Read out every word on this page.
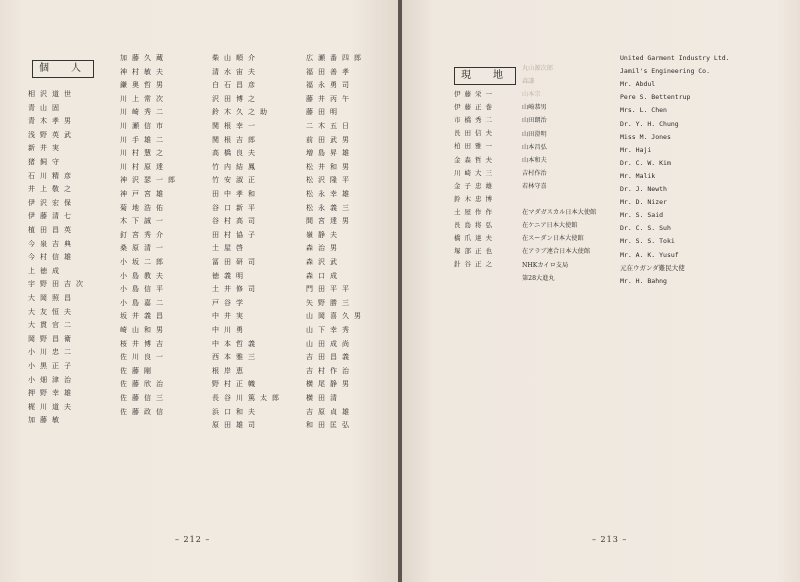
個　人
相沢道世
青山固
青木孝男
浅野英武
新井実
猪飼守
石川精彦
井上敬之
伊沢宏保
伊藤清七
植田昌英
今泉吉典
今村信雄
上徳成
宇野田吉次
大岡照昌
大友恒夫
大貫官二
岡野昌衛
小川忠二
小黒正子
小畑津治
押野幸雄
梶川道夫
加藤敏
加藤久蔵
神村敏夫
鎌奥哲男
川上常次
川崎秀二
川瀬信市
川手雄二
川村慧之
川村原達
神沢瑟一郎
神戸宮雄
菊地浩佑
木下誠一
釘宮秀介
桑原清一
小坂二郎
小島教夫
小島信平
小島嘉二
坂井義昌
崎山和男
桜井博吉
佐川良一
佐藤剛
佐藤欣治
佐藤信三
佐藤政信
柴山順介
清水宙夫
白石昌彦
沢田博之
鈴木久之助
関根幸一
関根吉郎
高橋良夫
竹内結鳳
竹安淑正
田中孝和
谷口新平
谷村高司
田村協子
土屋啓
冨田研司
徳義明
土井修司
戸谷学
中井実
中川勇
中本哲義
西本雅三
根岸恵
野村正幟
長谷川篤太郎
浜口和夫
原田雄司
広瀬番四郎
福田善孝
福永勇司
藤井丙午
藤田明
二木五日
前田武男
増島昇雄
松井和男
松沢隆平
松永幸雄
松永義三
間宮達男
嶺静夫
森治男
森沢武
森口成
門田平平
矢野勝三
山岡喜久男
山下幸秀
山田成尚
吉田昌義
吉村作治
横尾静男
横田清
吉原貞雄
和田匡弘
– 212 –
現　地
伊藤栄一
伊藤正巻
市橋秀二
長田信夫
柏田雅一
金森哲夫
川崎大三
金子忠雄
鈴木忠博
土屋作作
長島将弘
橋爪達夫
塚部正也
針谷正之
丸山源次郎
森謙
山本宗
山崎恭男
山田朗治
山田澄明
山本昌弘
山本和夫
吉村作治
若林守喜
在マダガスカル日本大使館
在ケニア日本大使館
在スーダン日本大使館
在アラブ連合日本大使館
NHKカイロ支局
第28大進丸
United Garment Industry Ltd.
Jamil's Engineering Co.
Mr. Abdul
Pere S. Bettentrup
Mrs. L. Chen
Dr. Y. H. Chung
Miss M. Jones
Mr. Haji
Dr. C. W. Kim
Mr. Malik
Dr. J. Newth
Mr. D. Nizer
Mr. S. Said
Dr. C. S. Suh
Mr. S. S. Toki
Mr. A. K. Yusuf
元在ウガンダ難民大使
Mr. H. Bahng
– 213 –
